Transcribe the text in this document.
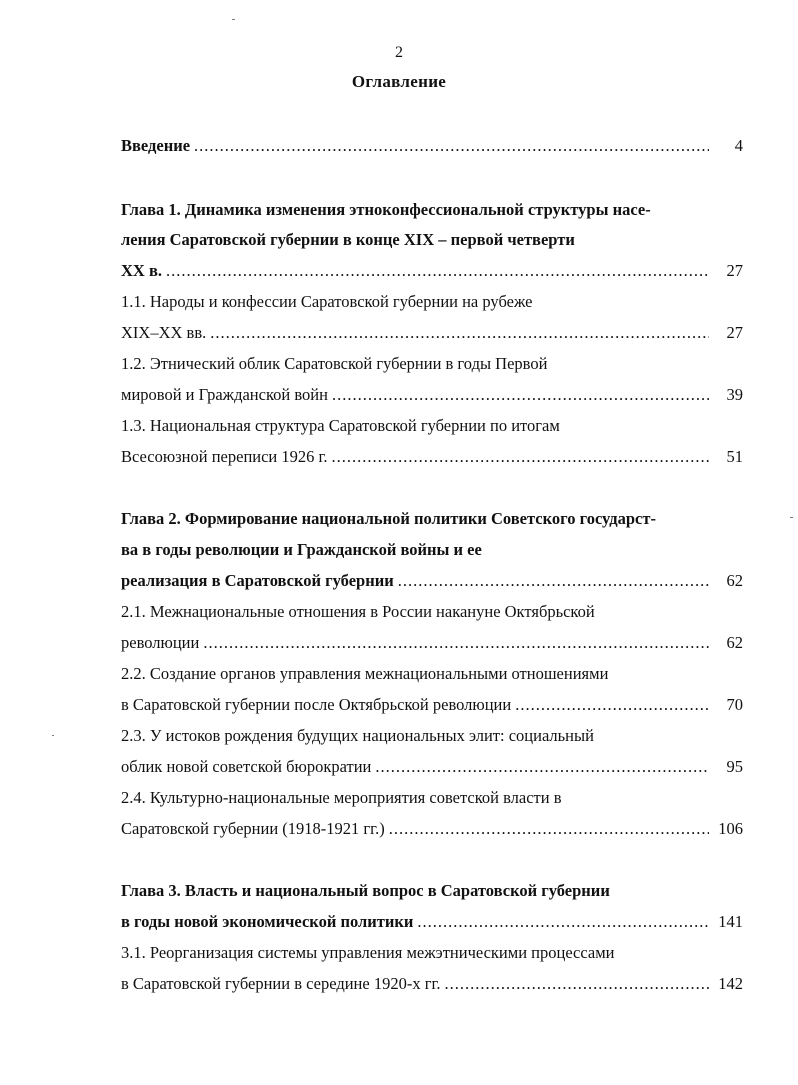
2
Оглавление
Введение .....	4
Глава 1. Динамика изменения этноконфессиональной структуры насе-
ления Саратовской губернии в конце XIX – первой четверти
XX в. .....	27
1.1. Народы и конфессии Саратовской губернии на рубеже
XIX–XX вв. .....	27
1.2. Этнический облик Саратовской губернии в годы Первой
мировой и Гражданской войн .....	39
1.3. Национальная структура Саратовской губернии по итогам
Всесоюзной переписи 1926 г. .....	51
Глава 2. Формирование национальной политики Советского государст-
ва в годы революции и Гражданской войны и ее
реализация в Саратовской губернии .....	62
2.1. Межнациональные отношения в России накануне Октябрьской
революции .....	62
2.2. Создание органов управления межнациональными отношениями
в Саратовской губернии после Октябрьской революции .....	70
2.3. У истоков рождения будущих национальных элит: социальный
облик новой советской бюрократии .....	95
2.4. Культурно-национальные мероприятия советской власти в
Саратовской губернии (1918-1921 гг.) .....	106
Глава 3. Власть и национальный вопрос в Саратовской губернии
в годы новой экономической политики .....	141
3.1. Реорганизация системы управления межэтническими процессами
в Саратовской губернии в середине 1920-х гг. .....	142
